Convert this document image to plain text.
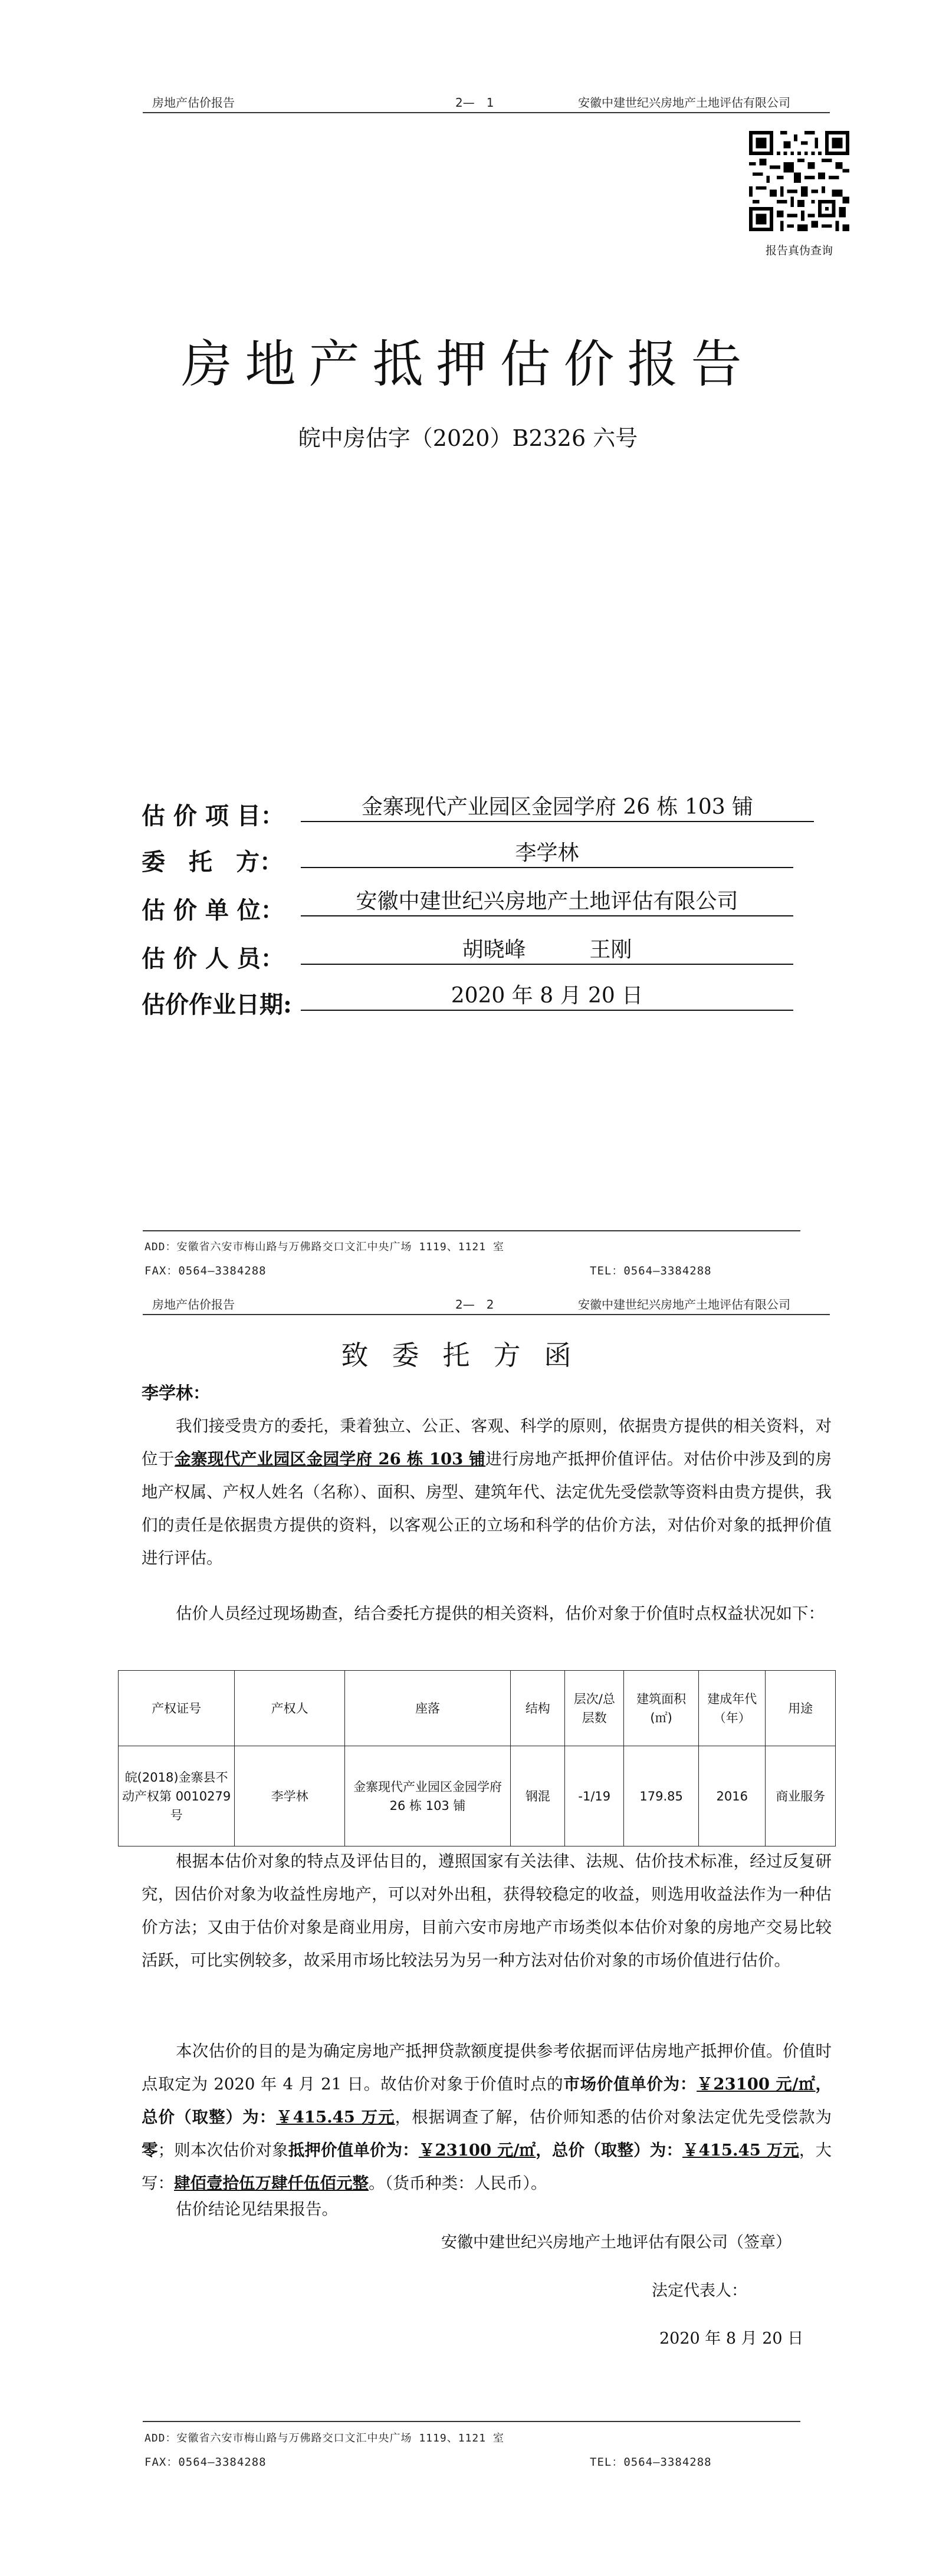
房地产估价报告	2—　1	安徽中建世纪兴房地产土地评估有限公司
报告真伪查询
房地产抵押估价报告
皖中房估字（2020）B2326 六号
估 价 项 目：	金寨现代产业园区金园学府 26 栋 103 铺
委　托　方：	李学林
估 价 单 位：	安徽中建世纪兴房地产土地评估有限公司
估 价 人 员：	胡晓峰　　　王刚
估价作业日期:	2020 年 8 月 20 日
ADD：安徽省六安市梅山路与万佛路交口文汇中央广场 1119、1121 室
FAX：0564—3384288	TEL：0564—3384288
房地产估价报告	2—　2	安徽中建世纪兴房地产土地评估有限公司
致委托方函
李学林：

我们接受贵方的委托，秉着独立、公正、客观、科学的原则，依据贵方提供的相关资料，对位于金寨现代产业园区金园学府 26 栋 103 铺进行房地产抵押价值评估。对估价中涉及到的房地产权属、产权人姓名（名称）、面积、房型、建筑年代、法定优先受偿款等资料由贵方提供，我们的责任是依据贵方提供的资料，以客观公正的立场和科学的估价方法，对估价对象的抵押价值进行评估。

估价人员经过现场勘查，结合委托方提供的相关资料，估价对象于价值时点权益状况如下：

产权证号	产权人	座落	结构	层次/总层数	建筑面积(㎡)	建成年代（年）	用途
皖(2018)金寨县不动产权第 0010279 号	李学林	金寨现代产业园区金园学府 26 栋 103 铺	钢混	-1/19	179.85	2016	商业服务

根据本估价对象的特点及评估目的，遵照国家有关法律、法规、估价技术标准，经过反复研究，因估价对象为收益性房地产，可以对外出租，获得较稳定的收益，则选用收益法作为一种估价方法；又由于估价对象是商业用房，目前六安市房地产市场类似本估价对象的房地产交易比较活跃，可比实例较多，故采用市场比较法另为另一种方法对估价对象的市场价值进行估价。

本次估价的目的是为确定房地产抵押贷款额度提供参考依据而评估房地产抵押价值。价值时点取定为 2020 年 4 月 21 日。故估价对象于价值时点的市场价值单价为：￥23100 元/㎡，总价（取整）为：￥415.45 万元，根据调查了解，估价师知悉的估价对象法定优先受偿款为零；则本次估价对象抵押价值单价为：￥23100 元/㎡，总价（取整）为：￥415.45 万元，大写：肆佰壹拾伍万肆仟伍佰元整。（货币种类：人民币）。

估价结论见结果报告。

安徽中建世纪兴房地产土地评估有限公司（签章）
法定代表人：
2020 年 8 月 20 日
ADD：安徽省六安市梅山路与万佛路交口文汇中央广场 1119、1121 室
FAX：0564—3384288	TEL：0564—3384288
